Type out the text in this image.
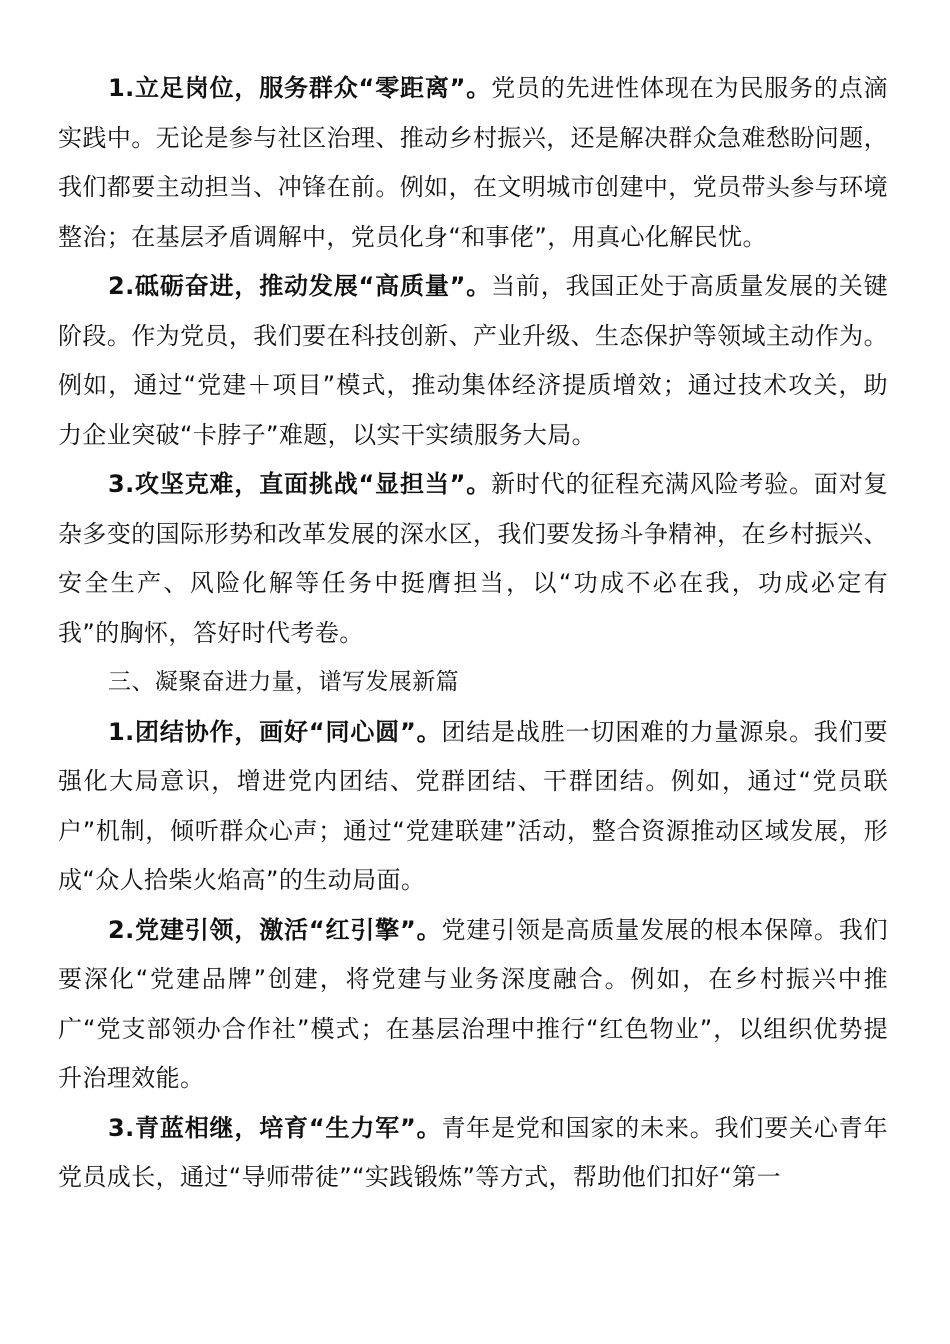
1.立足岗位，服务群众“零距离”。党员的先进性体现在为民服务的点滴实践中。无论是参与社区治理、推动乡村振兴，还是解决群众急难愁盼问题，我们都要主动担当、冲锋在前。例如，在文明城市创建中，党员带头参与环境整治；在基层矛盾调解中，党员化身“和事佬”，用真心化解民忧。

2.砥砺奋进，推动发展“高质量”。当前，我国正处于高质量发展的关键阶段。作为党员，我们要在科技创新、产业升级、生态保护等领域主动作为。例如，通过“党建＋项目”模式，推动集体经济提质增效；通过技术攻关，助力企业突破“卡脖子”难题，以实干实绩服务大局。

3.攻坚克难，直面挑战“显担当”。新时代的征程充满风险考验。面对复杂多变的国际形势和改革发展的深水区，我们要发扬斗争精神，在乡村振兴、安全生产、风险化解等任务中挺膺担当，以“功成不必在我，功成必定有我”的胸怀，答好时代考卷。

三、凝聚奋进力量，谱写发展新篇

1.团结协作，画好“同心圆”。团结是战胜一切困难的力量源泉。我们要强化大局意识，增进党内团结、党群团结、干群团结。例如，通过“党员联户”机制，倾听群众心声；通过“党建联建”活动，整合资源推动区域发展，形成“众人拾柴火焰高”的生动局面。

2.党建引领，激活“红引擎”。党建引领是高质量发展的根本保障。我们要深化“党建品牌”创建，将党建与业务深度融合。例如，在乡村振兴中推广“党支部领办合作社”模式；在基层治理中推行“红色物业”，以组织优势提升治理效能。

3.青蓝相继，培育“生力军”。青年是党和国家的未来。我们要关心青年党员成长，通过“导师带徒”“实践锻炼”等方式，帮助他们扣好“第一
